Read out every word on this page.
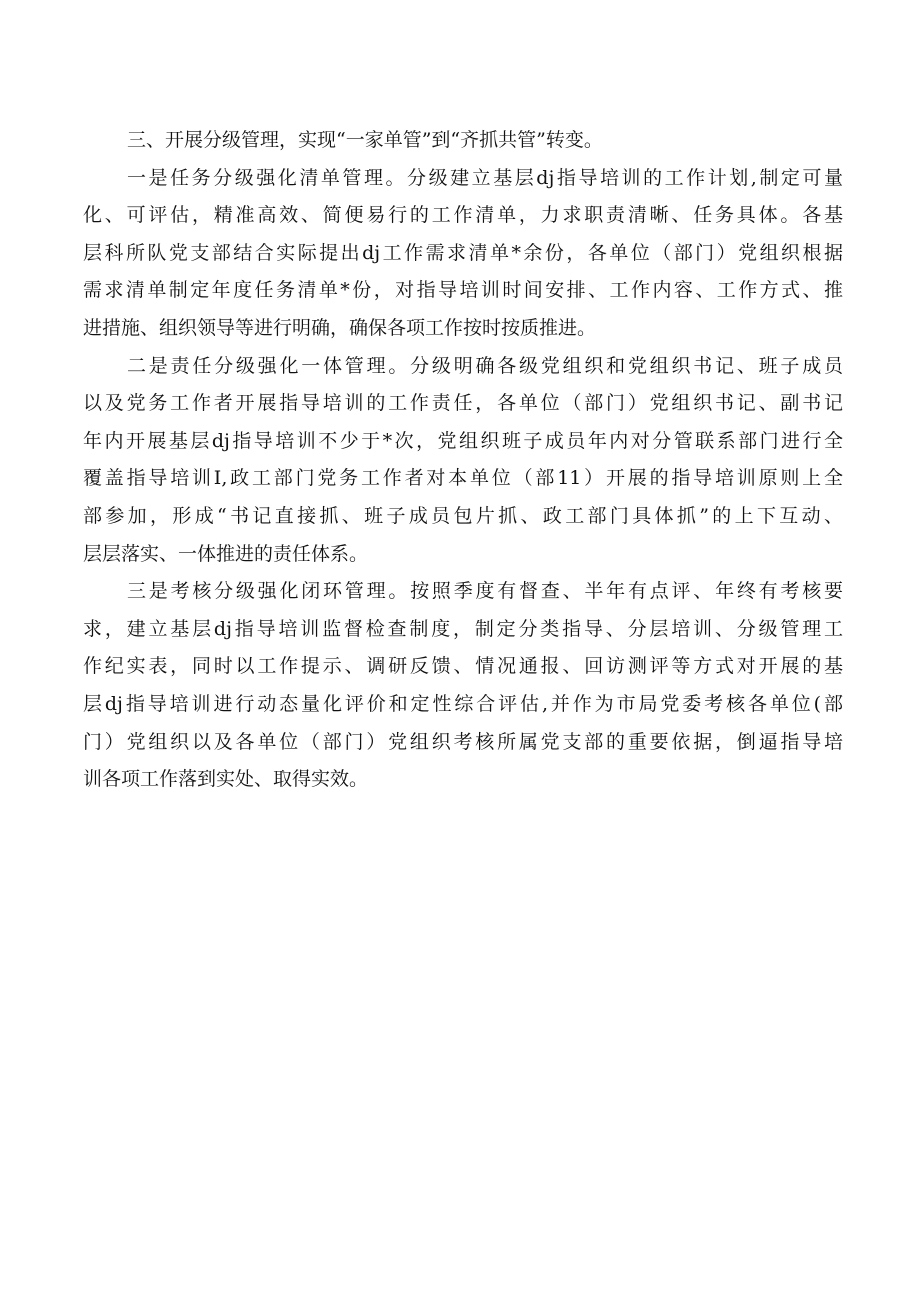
三、开展分级管理，实现“一家单管”到“齐抓共管”转变。
一是任务分级强化清单管理。分级建立基层dj指导培训的工作计划,制定可量
化、可评估，精准高效、简便易行的工作清单，力求职责清晰、任务具体。各基
层科所队党支部结合实际提出dj工作需求清单*余份，各单位（部门）党组织根据
需求清单制定年度任务清单*份，对指导培训时间安排、工作内容、工作方式、推
进措施、组织领导等进行明确，确保各项工作按时按质推进。
二是责任分级强化一体管理。分级明确各级党组织和党组织书记、班子成员
以及党务工作者开展指导培训的工作责任，各单位（部门）党组织书记、副书记
年内开展基层dj指导培训不少于*次，党组织班子成员年内对分管联系部门进行全
覆盖指导培训I,政工部门党务工作者对本单位（部11）开展的指导培训原则上全
部参加，形成“书记直接抓、班子成员包片抓、政工部门具体抓”的上下互动、
层层落实、一体推进的责任体系。
三是考核分级强化闭环管理。按照季度有督查、半年有点评、年终有考核要
求，建立基层dj指导培训监督检查制度，制定分类指导、分层培训、分级管理工
作纪实表，同时以工作提示、调研反馈、情况通报、回访测评等方式对开展的基
层dj指导培训进行动态量化评价和定性综合评估,并作为市局党委考核各单位(部
门）党组织以及各单位（部门）党组织考核所属党支部的重要依据，倒逼指导培
训各项工作落到实处、取得实效。
